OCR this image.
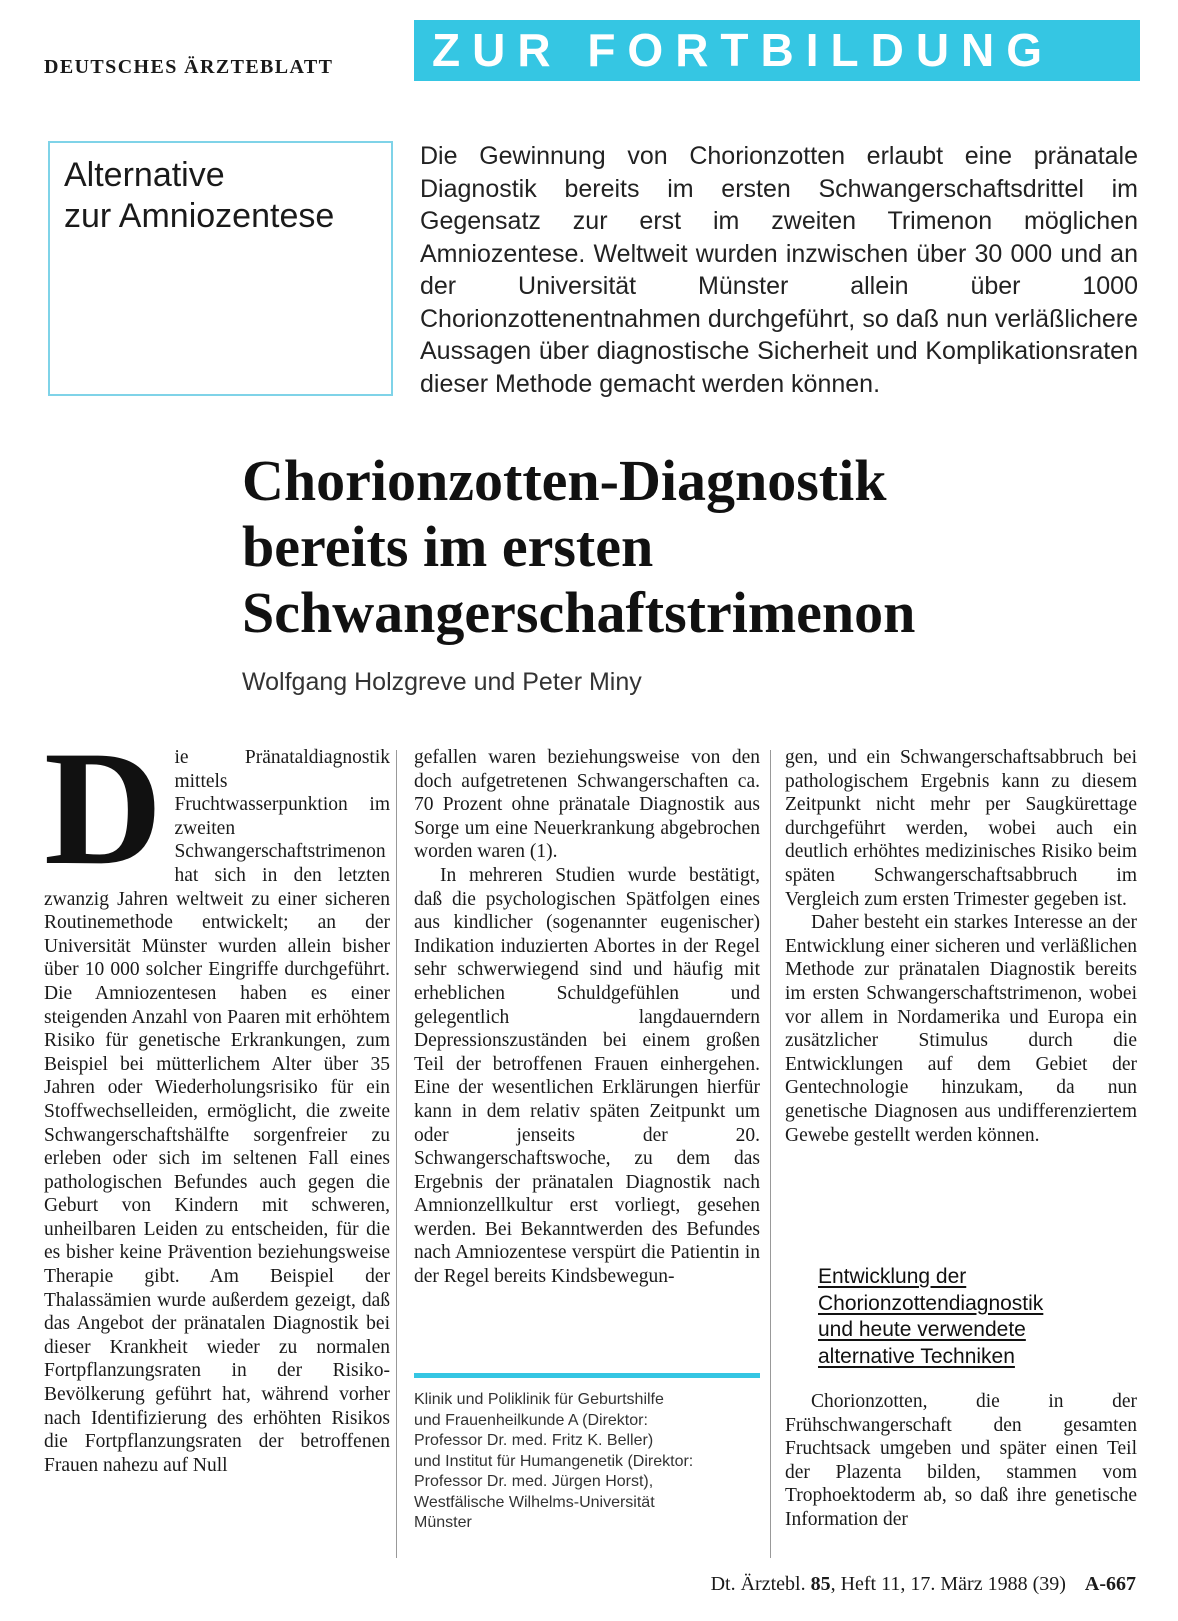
DEUTSCHES ÄRZTEBLATT	ZUR FORTBILDUNG
Alternative
zur Amniozentese
Die Gewinnung von Chorionzotten erlaubt eine pränatale Diagnostik bereits im ersten Schwangerschaftsdrittel im Gegensatz zur erst im zweiten Trimenon möglichen Amniozentese. Weltweit wurden inzwischen über 30 000 und an der Universität Münster allein über 1000 Chorionzottenentnahmen durchgeführt, so daß nun verläßlichere Aussagen über diagnostische Sicherheit und Komplikationsraten dieser Methode gemacht werden können.
Chorionzotten-Diagnostik
bereits im ersten
Schwangerschaftstrimenon
Wolfgang Holzgreve und Peter Miny
D ie Pränataldiagnostik mittels Fruchtwasserpunktion im zweiten Schwangerschaftstrimenon hat sich in den letzten zwanzig Jahren weltweit zu einer sicheren Routinemethode entwickelt; an der Universität Münster wurden allein bisher über 10 000 solcher Eingriffe durchgeführt. Die Amniozentesen haben es einer steigenden Anzahl von Paaren mit erhöhtem Risiko für genetische Erkrankungen, zum Beispiel bei mütterlichem Alter über 35 Jahren oder Wiederholungsrisiko für ein Stoffwechselleiden, ermöglicht, die zweite Schwangerschaftshälfte sorgenfreier zu erleben oder sich im seltenen Fall eines pathologischen Befundes auch gegen die Geburt von Kindern mit schweren, unheilbaren Leiden zu entscheiden, für die es bisher keine Prävention beziehungsweise Therapie gibt. Am Beispiel der Thalassämien wurde außerdem gezeigt, daß das Angebot der pränatalen Diagnostik bei dieser Krankheit wieder zu normalen Fortpflanzungsraten in der Risiko-Bevölkerung geführt hat, während vorher nach Identifizierung des erhöhten Risikos die Fortpflanzungsraten der betroffenen Frauen nahezu auf Null

gefallen waren beziehungsweise von den doch aufgetretenen Schwangerschaften ca. 70 Prozent ohne pränatale Diagnostik aus Sorge um eine Neuerkrankung abgebrochen worden waren (1).

In mehreren Studien wurde bestätigt, daß die psychologischen Spätfolgen eines aus kindlicher (sogenannter eugenischer) Indikation induzierten Abortes in der Regel sehr schwerwiegend sind und häufig mit erheblichen Schuldgefühlen und gelegentlich langdauerndern Depressionszuständen bei einem großen Teil der betroffenen Frauen einhergehen. Eine der wesentlichen Erklärungen hierfür kann in dem relativ späten Zeitpunkt um oder jenseits der 20. Schwangerschaftswoche, zu dem das Ergebnis der pränatalen Diagnostik nach Amnionzellkultur erst vorliegt, gesehen werden. Bei Bekanntwerden des Befundes nach Amniozentese verspürt die Patientin in der Regel bereits Kindsbewegun-

Klinik und Poliklinik für Geburtshilfe
und Frauenheilkunde A (Direktor:
Professor Dr. med. Fritz K. Beller)
und Institut für Humangenetik (Direktor:
Professor Dr. med. Jürgen Horst),
Westfälische Wilhelms-Universität
Münster

gen, und ein Schwangerschaftsabbruch bei pathologischem Ergebnis kann zu diesem Zeitpunkt nicht mehr per Saugkürettage durchgeführt werden, wobei auch ein deutlich erhöhtes medizinisches Risiko beim späten Schwangerschaftsabbruch im Vergleich zum ersten Trimester gegeben ist.

Daher besteht ein starkes Interesse an der Entwicklung einer sicheren und verläßlichen Methode zur pränatalen Diagnostik bereits im ersten Schwangerschaftstrimenon, wobei vor allem in Nordamerika und Europa ein zusätzlicher Stimulus durch die Entwicklungen auf dem Gebiet der Gentechnologie hinzukam, da nun genetische Diagnosen aus undifferenziertem Gewebe gestellt werden können.

Entwicklung der
Chorionzottendiagnostik
und heute verwendete
alternative Techniken

Chorionzotten, die in der Frühschwangerschaft den gesamten Fruchtsack umgeben und später einen Teil der Plazenta bilden, stammen vom Trophoektoderm ab, so daß ihre genetische Information der

Dt. Ärztebl. 85, Heft 11, 17. März 1988 (39) A-667
